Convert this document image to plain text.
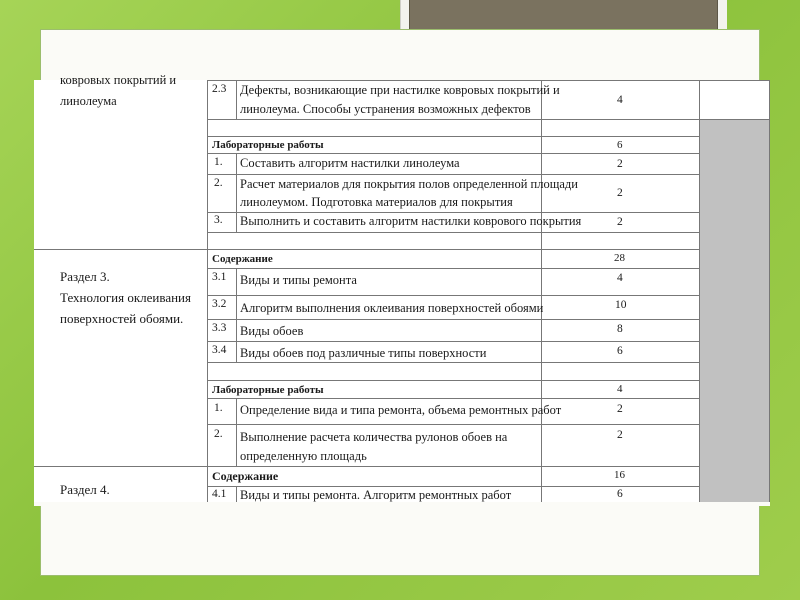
ковровых покрытий и
линолеума
2.3 Дефекты, возникающие при настилке ковровых покрытий и
линолеума. Способы устранения возможных дефектов
4
Лабораторные работы	6
1. Составить алгоритм настилки линолеума	2
2. Расчет материалов для покрытия полов определенной площади
линолеумом. Подготовка материалов для покрытия
2
3. Выполнить и составить алгоритм настилки коврового покрытия	2
Раздел 3.
Технология оклеивания
поверхностей обоями.
Содержание	28
3.1 Виды и типы ремонта	4
3.2 Алгоритм выполнения оклеивания поверхностей обоями	10
3.3 Виды обоев	8
3.4 Виды обоев под различные типы поверхности	6
Лабораторные работы	4
1. Определение вида и типа ремонта, объема ремонтных работ	2
2. Выполнение расчета количества рулонов обоев на
определенную площадь
2
Раздел 4.
Содержание	16
4.1 Виды и типы ремонта. Алгоритм ремонтных работ	6
